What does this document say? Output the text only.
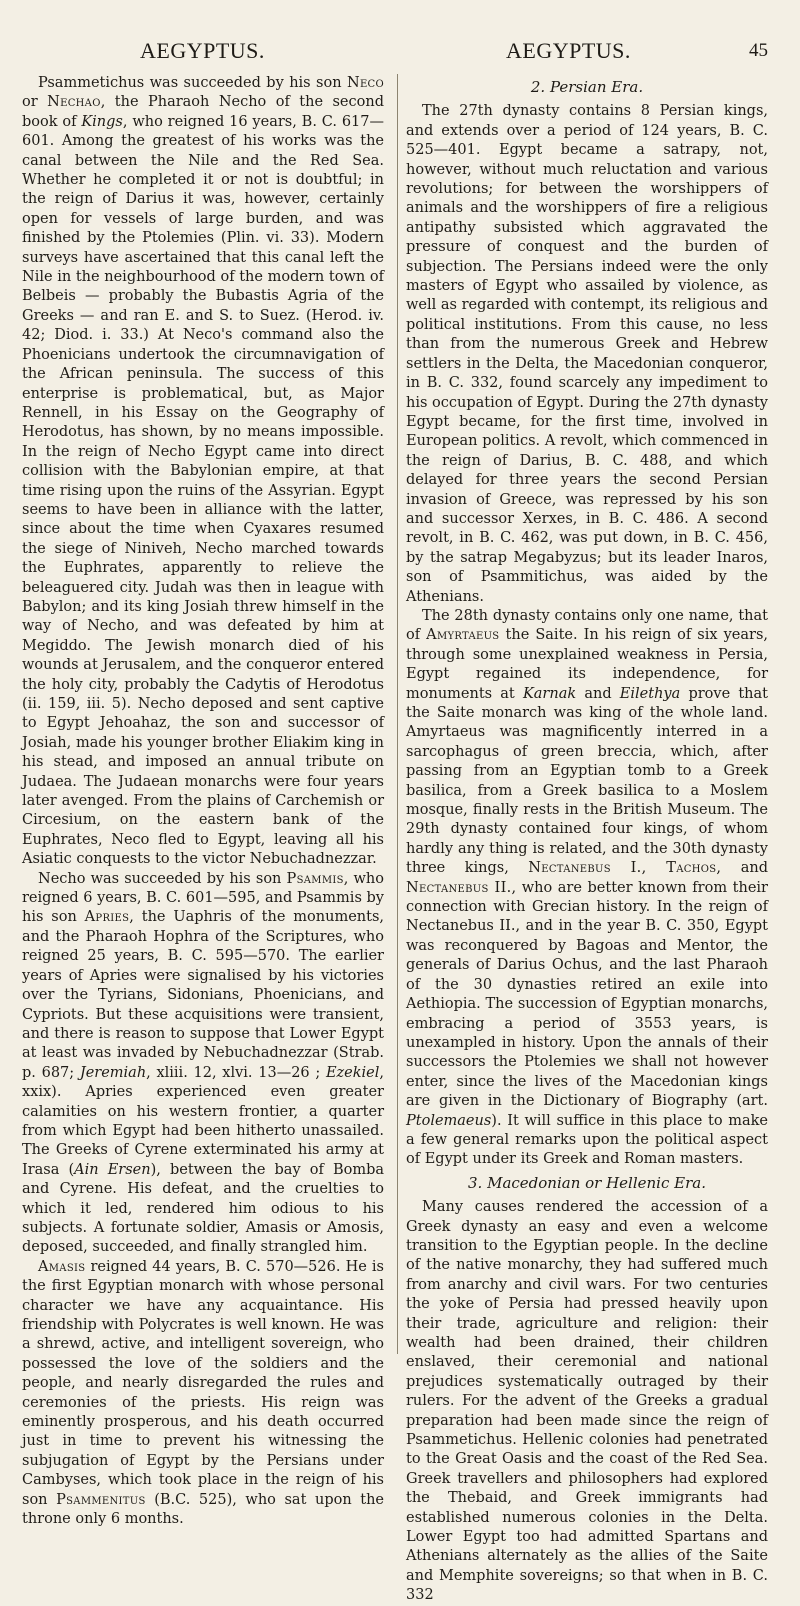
AEGYPTUS.	AEGYPTUS.	45

Psammetichus was succeeded by his son Neco or Nechao, the Pharaoh Necho of the second book of Kings, who reigned 16 years, B. C. 617—601. Among the greatest of his works was the canal between the Nile and the Red Sea. Whether he completed it or not is doubtful; in the reign of Darius it was, however, certainly open for vessels of large burden, and was finished by the Ptolemies (Plin. vi. 33). Modern surveys have ascertained that this canal left the Nile in the neighbourhood of the modern town of Belbeis — probably the Bubastis Agria of the Greeks — and ran E. and S. to Suez. (Herod. iv. 42; Diod. i. 33.) At Neco's command also the Phoenicians undertook the circumnavigation of the African peninsula. The success of this enterprise is problematical, but, as Major Rennell, in his Essay on the Geography of Herodotus, has shown, by no means impossible. In the reign of Necho Egypt came into direct collision with the Babylonian empire, at that time rising upon the ruins of the Assyrian. Egypt seems to have been in alliance with the latter, since about the time when Cyaxares resumed the siege of Niniveh, Necho marched towards the Euphrates, apparently to relieve the beleaguered city. Judah was then in league with Babylon; and its king Josiah threw himself in the way of Necho, and was defeated by him at Megiddo. The Jewish monarch died of his wounds at Jerusalem, and the conqueror entered the holy city, probably the Cadytis of Herodotus (ii. 159, iii. 5). Necho deposed and sent captive to Egypt Jehoahaz, the son and successor of Josiah, made his younger brother Eliakim king in his stead, and imposed an annual tribute on Judaea. The Judaean monarchs were four years later avenged. From the plains of Carchemish or Circesium, on the eastern bank of the Euphrates, Neco fled to Egypt, leaving all his Asiatic conquests to the victor Nebuchadnezzar.

Necho was succeeded by his son Psammis, who reigned 6 years, B. C. 601—595, and Psammis by his son Apries, the Uaphris of the monuments, and the Pharaoh Hophra of the Scriptures, who reigned 25 years, B. C. 595—570. The earlier years of Apries were signalised by his victories over the Tyrians, Sidonians, Phoenicians, and Cypriots. But these acquisitions were transient, and there is reason to suppose that Lower Egypt at least was invaded by Nebuchadnezzar (Strab. p. 687; Jeremiah, xliii. 12, xlvi. 13—26 ; Ezekiel, xxix). Apries experienced even greater calamities on his western frontier, a quarter from which Egypt had been hitherto unassailed. The Greeks of Cyrene exterminated his army at Irasa (Ain Ersen), between the bay of Bomba and Cyrene. His defeat, and the cruelties to which it led, rendered him odious to his subjects. A fortunate soldier, Amasis or Amosis, deposed, succeeded, and finally strangled him.

Amasis reigned 44 years, B. C. 570—526. He is the first Egyptian monarch with whose personal character we have any acquaintance. His friendship with Polycrates is well known. He was a shrewd, active, and intelligent sovereign, who possessed the love of the soldiers and the people, and nearly disregarded the rules and ceremonies of the priests. His reign was eminently prosperous, and his death occurred just in time to prevent his witnessing the subjugation of Egypt by the Persians under Cambyses, which took place in the reign of his son Psammenitus (B.C. 525), who sat upon the throne only 6 months.

2. Persian Era.

The 27th dynasty contains 8 Persian kings, and extends over a period of 124 years, B. C. 525—401. Egypt became a satrapy, not, however, without much reluctation and various revolutions; for between the worshippers of animals and the worshippers of fire a religious antipathy subsisted which aggravated the pressure of conquest and the burden of subjection. The Persians indeed were the only masters of Egypt who assailed by violence, as well as regarded with contempt, its religious and political institutions. From this cause, no less than from the numerous Greek and Hebrew settlers in the Delta, the Macedonian conqueror, in B. C. 332, found scarcely any impediment to his occupation of Egypt. During the 27th dynasty Egypt became, for the first time, involved in European politics. A revolt, which commenced in the reign of Darius, B. C. 488, and which delayed for three years the second Persian invasion of Greece, was repressed by his son and successor Xerxes, in B. C. 486. A second revolt, in B. C. 462, was put down, in B. C. 456, by the satrap Megabyzus; but its leader Inaros, son of Psammitichus, was aided by the Athenians.

The 28th dynasty contains only one name, that of Amyrtaeus the Saite. In his reign of six years, through some unexplained weakness in Persia, Egypt regained its independence, for monuments at Karnak and Eilethya prove that the Saite monarch was king of the whole land. Amyrtaeus was magnificently interred in a sarcophagus of green breccia, which, after passing from an Egyptian tomb to a Greek basilica, from a Greek basilica to a Moslem mosque, finally rests in the British Museum. The 29th dynasty contained four kings, of whom hardly any thing is related, and the 30th dynasty three kings, Nectanebus I., Tachos, and Nectanebus II., who are better known from their connection with Grecian history. In the reign of Nectanebus II., and in the year B. C. 350, Egypt was reconquered by Bagoas and Mentor, the generals of Darius Ochus, and the last Pharaoh of the 30 dynasties retired an exile into Aethiopia. The succession of Egyptian monarchs, embracing a period of 3553 years, is unexampled in history. Upon the annals of their successors the Ptolemies we shall not however enter, since the lives of the Macedonian kings are given in the Dictionary of Biography (art. Ptolemaeus). It will suffice in this place to make a few general remarks upon the political aspect of Egypt under its Greek and Roman masters.

3. Macedonian or Hellenic Era.

Many causes rendered the accession of a Greek dynasty an easy and even a welcome transition to the Egyptian people. In the decline of the native monarchy, they had suffered much from anarchy and civil wars. For two centuries the yoke of Persia had pressed heavily upon their trade, agriculture and religion: their wealth had been drained, their children enslaved, their ceremonial and national prejudices systematically outraged by their rulers. For the advent of the Greeks a gradual preparation had been made since the reign of Psammetichus. Hellenic colonies had penetrated to the Great Oasis and the coast of the Red Sea. Greek travellers and philosophers had explored the Thebaid, and Greek immigrants had established numerous colonies in the Delta. Lower Egypt too had admitted Spartans and Athenians alternately as the allies of the Saite and Memphite sovereigns; so that when in B. C. 332
